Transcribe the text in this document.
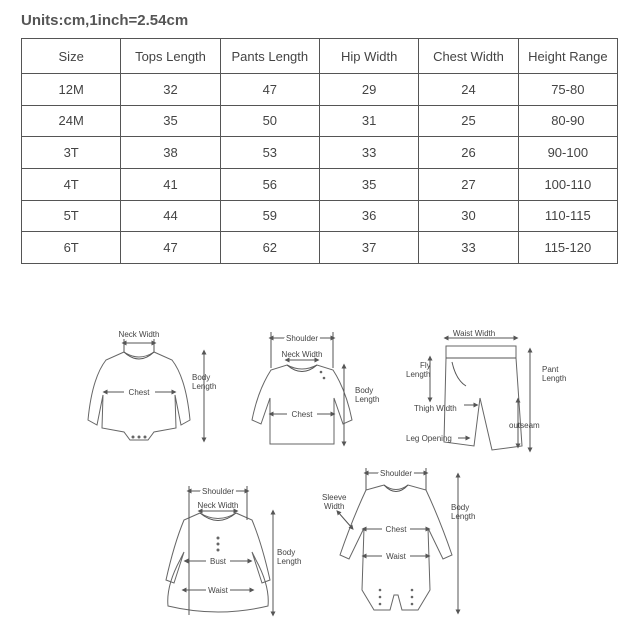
Units:cm,1inch=2.54cm
Size	Tops Length	Pants Length	Hip Width	Chest Width	Height Range
12M	32	47	29	24	75-80
24M	35	50	31	25	80-90
3T	38	53	33	26	90-100
4T	41	56	35	27	100-110
5T	44	59	36	30	110-115
6T	47	62	37	33	115-120
Neck Width
Chest
Body
Length
Shoulder
Neck Width
Chest
Body
Length
Waist Width
Fly
Length
Pant
Length
Thigh Width
outseam
Leg Opening
Shoulder
Neck Width
Bust
Waist
Body
Length
Shoulder
Sleeve
Width
Chest
Waist
Body
Length
